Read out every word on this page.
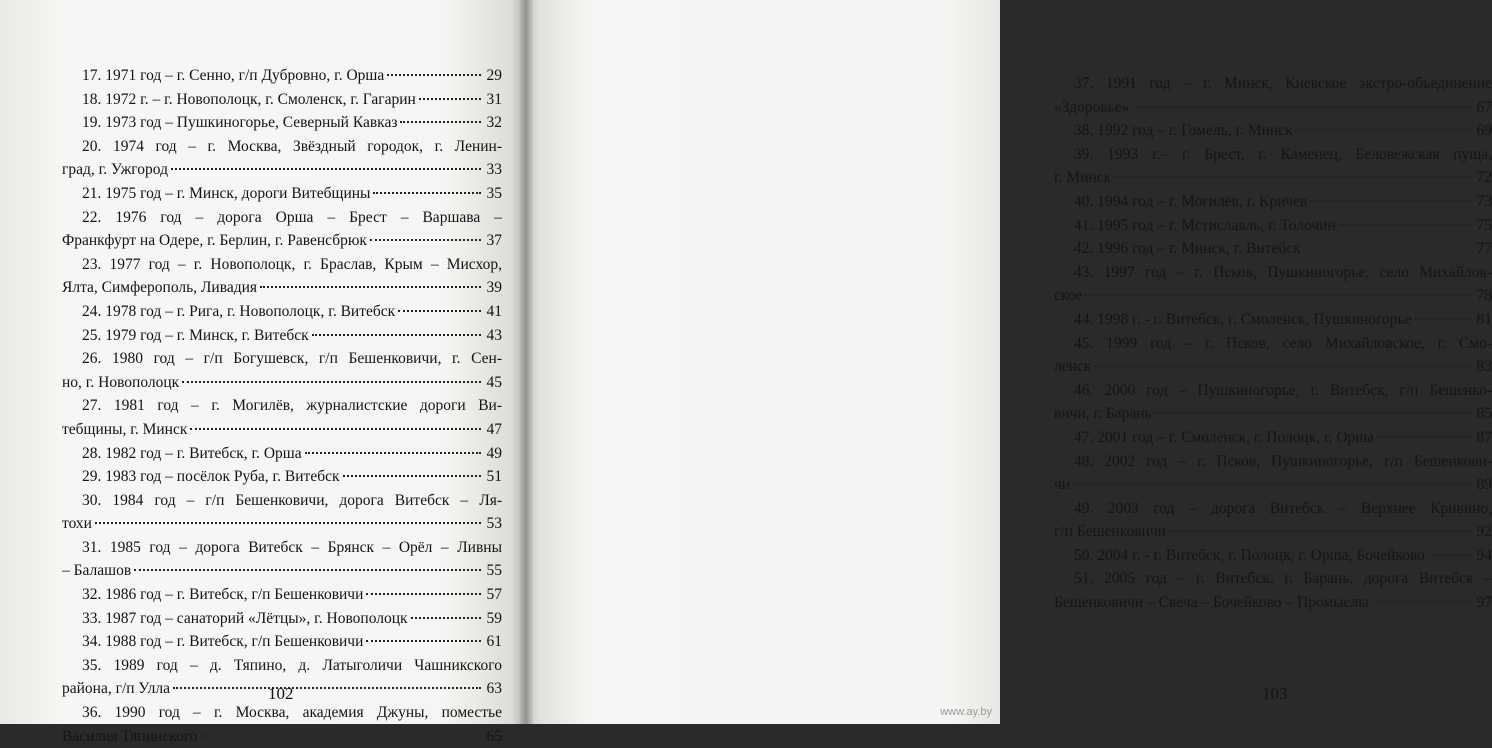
17. 1971 год – г. Сенно, г/п Дубровно, г. Орша	29
18. 1972 г. – г. Новополоцк, г. Смоленск, г. Гагарин	31
19. 1973 год – Пушкиногорье, Северный Кавказ	32
20. 1974 год – г. Москва, Звёздный городок, г. Ленин-
град, г. Ужгород	33
21. 1975 год – г. Минск, дороги Витебщины	35
22. 1976 год – дорога Орша – Брест – Варшава –
Франкфурт на Одере, г. Берлин, г. Равенсбрюк	37
23. 1977 год – г. Новополоцк, г. Браслав, Крым – Мисхор,
Ялта, Симферополь, Ливадия	39
24. 1978 год – г. Рига, г. Новополоцк, г. Витебск	41
25. 1979 год – г. Минск, г. Витебск	43
26. 1980 год – г/п Богушевск, г/п Бешенковичи, г. Сен-
но, г. Новополоцк	45
27. 1981 год – г. Могилёв, журналистские дороги Ви-
тебщины, г. Минск	47
28. 1982 год – г. Витебск, г. Орша	49
29. 1983 год – посёлок Руба, г. Витебск	51
30. 1984 год – г/п Бешенковичи, дорога Витебск – Ля-
тохи	53
31. 1985 год – дорога Витебск – Брянск – Орёл – Ливны
– Балашов	55
32. 1986 год – г. Витебск, г/п Бешенковичи	57
33. 1987 год – санаторий «Лётцы», г. Новополоцк	59
34. 1988 год – г. Витебск, г/п Бешенковичи	61
35. 1989 год – д. Тяпино, д. Латыголичи Чашникского
района, г/п Улла	63
36. 1990 год – г. Москва, академия Джуны, поместье
Василия Тяпинского	65
102
37. 1991 год – г. Минск, Киевское экстро-объединение
«Здоровье»	67
38. 1992 год – г. Гомель, г. Минск	69
39. 1993 г.– г. Брест, г. Каменец, Беловежская пуща,
г. Минск	72
40. 1994 год – г. Могилёв, г. Кричев	73
41. 1995 год – г. Мстиславль, г. Толочин	75
42. 1996 год – г. Минск, г. Витебск	77
43. 1997 год – г. Псков, Пушкиногорье, село Михайлов-
ское	78
44. 1998 г. - г. Витебск, г. Смоленск, Пушкиногорье	81
45. 1999 год – г. Псков, село Михайловское, г. Смо-
ленск	83
46. 2000 год – Пушкиногорье, г. Витебск, г/п Бешенко-
вичи, г. Барань	85
47. 2001 год – г. Смоленск, г. Полоцк, г. Орша	87
48. 2002 год – г. Псков, Пушкиногорье, г/п Бешенкови-
чи	89
49. 2003 год – дорога Витебск – Верхнее Кривино,
г/п Бешенковичи	92
50. 2004 г. - г. Витебск, г. Полоцк, г. Орша, Бочейково	94
51. 2005 год – г. Витебск, г. Барань, дорога Витебск –
Бешенковичи – Свеча – Бочейково – Промыслы	97
103
www.ay.by
